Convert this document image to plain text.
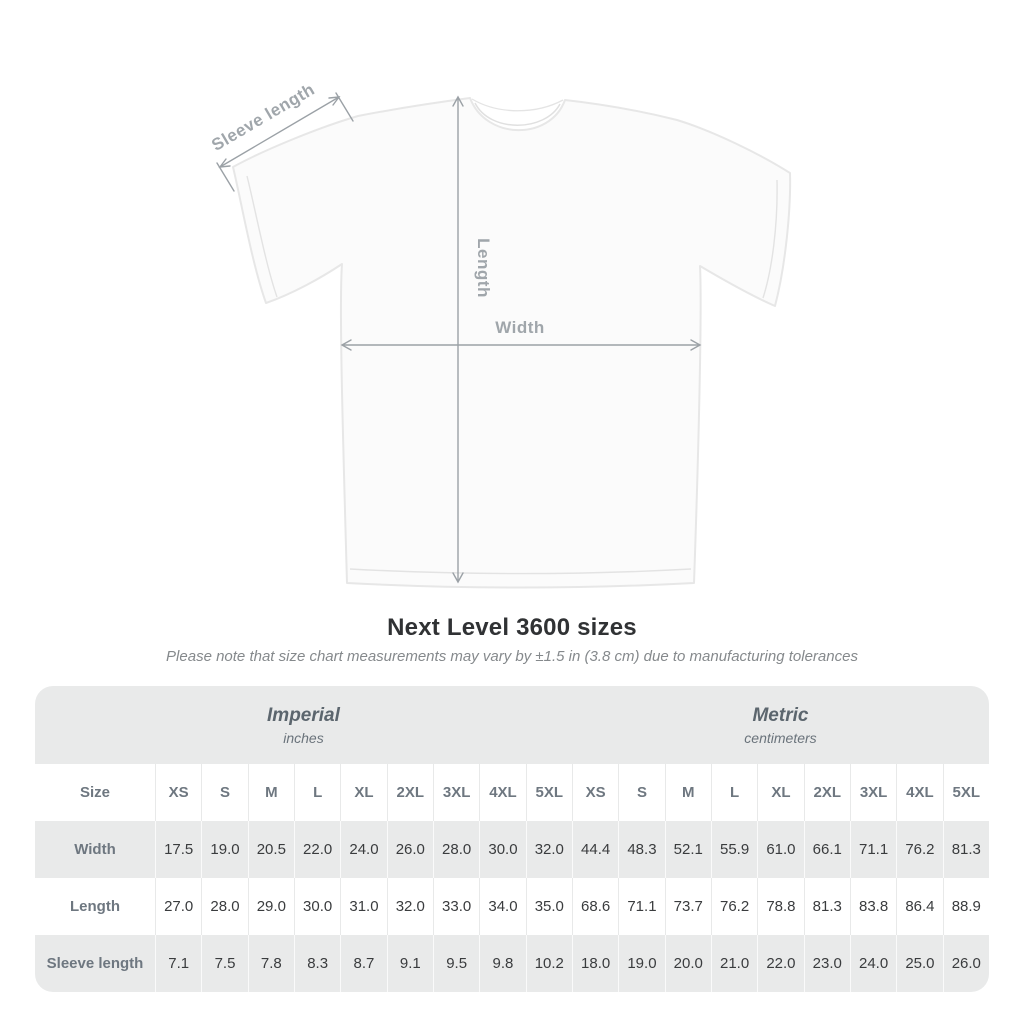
Sleeve length
Length
Width
Next Level 3600 sizes

Please note that size chart measurements may vary by ±1.5 in (3.8 cm) due to manufacturing tolerances

Imperial
inches										Metric
centimeters								

Size	XS	S	M	L	XL	2XL	3XL	4XL	5XL	XS	S	M	L	XL	2XL	3XL	4XL	5XL
Width	17.5	19.0	20.5	22.0	24.0	26.0	28.0	30.0	32.0	44.4	48.3	52.1	55.9	61.0	66.1	71.1	76.2	81.3
Length	27.0	28.0	29.0	30.0	31.0	32.0	33.0	34.0	35.0	68.6	71.1	73.7	76.2	78.8	81.3	83.8	86.4	88.9
Sleeve length	7.1	7.5	7.8	8.3	8.7	9.1	9.5	9.8	10.2	18.0	19.0	20.0	21.0	22.0	23.0	24.0	25.0	26.0
